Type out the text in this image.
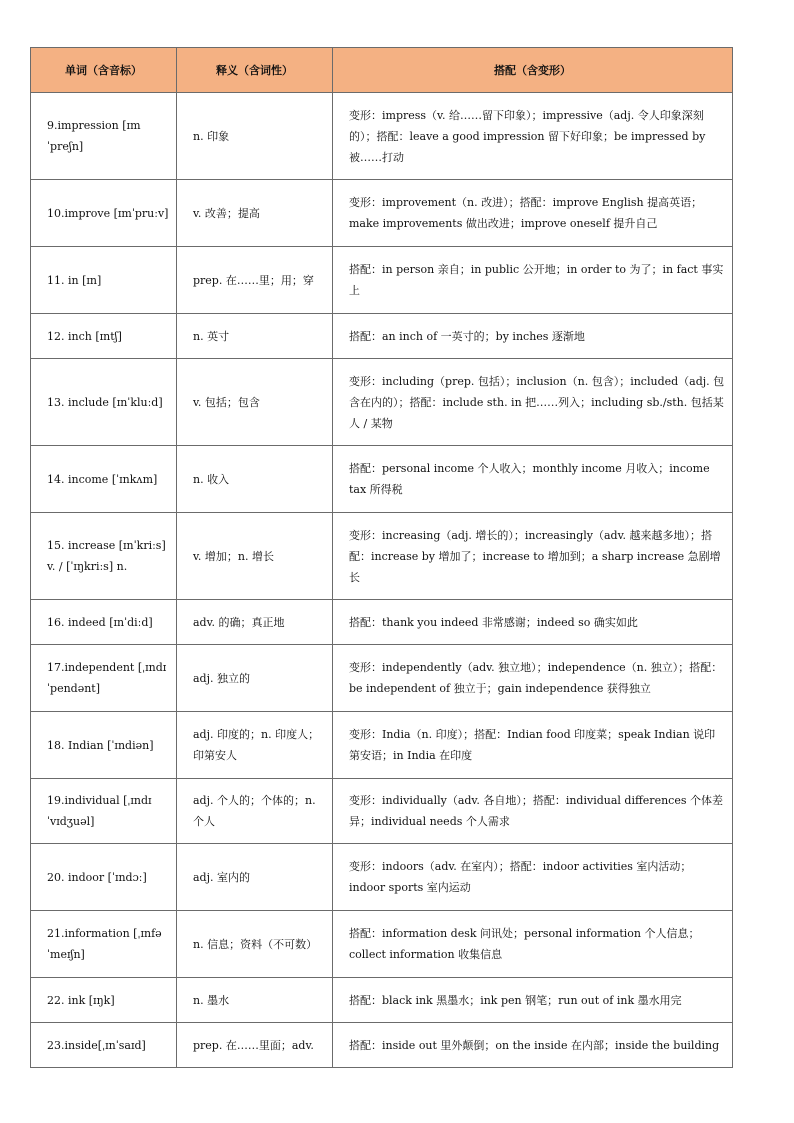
单词（含音标）	释义（含词性）	搭配（含变形）
9.impression [ɪmˈpreʃn]	n. 印象	变形：impress（v. 给……留下印象）；impressive（adj. 令人印象深刻的）；搭配：leave a good impression 留下好印象；be impressed by 被……打动
10.improve [ɪmˈpruːv]	v. 改善；提高	变形：improvement（n. 改进）；搭配：improve English 提高英语；make improvements 做出改进；improve oneself 提升自己
11. in [ɪn]	prep. 在……里；用；穿	搭配：in person 亲自；in public 公开地；in order to 为了；in fact 事实上
12. inch [ɪntʃ]	n. 英寸	搭配：an inch of 一英寸的；by inches 逐渐地
13. include [ɪnˈkluːd]	v. 包括；包含	变形：including（prep. 包括）；inclusion（n. 包含）；included（adj. 包含在内的）；搭配：include sth. in 把……列入；including sb./sth. 包括某人 / 某物
14. income [ˈɪnkʌm]	n. 收入	搭配：personal income 个人收入；monthly income 月收入；income tax 所得税
15. increase [ɪnˈkriːs] v. / [ˈɪŋkriːs] n.	v. 增加；n. 增长	变形：increasing（adj. 增长的）；increasingly（adv. 越来越多地）；搭配：increase by 增加了；increase to 增加到；a sharp increase 急剧增长
16. indeed [ɪnˈdiːd]	adv. 的确；真正地	搭配：thank you indeed 非常感谢；indeed so 确实如此
17.independent [ˌɪndɪˈpendənt]	adj. 独立的	变形：independently（adv. 独立地）；independence（n. 独立）；搭配：be independent of 独立于；gain independence 获得独立
18. Indian [ˈɪndiən]	adj. 印度的；n. 印度人；印第安人	变形：India（n. 印度）；搭配：Indian food 印度菜；speak Indian 说印第安语；in India 在印度
19.individual [ˌɪndɪˈvɪdʒuəl]	adj. 个人的；个体的；n. 个人	变形：individually（adv. 各自地）；搭配：individual differences 个体差异；individual needs 个人需求
20. indoor [ˈɪndɔː]	adj. 室内的	变形：indoors（adv. 在室内）；搭配：indoor activities 室内活动；indoor sports 室内运动
21.information [ˌɪnfəˈmeɪʃn]	n. 信息；资料（不可数）	搭配：information desk 问讯处；personal information 个人信息；collect information 收集信息
22. ink [ɪŋk]	n. 墨水	搭配：black ink 黑墨水；ink pen 钢笔；run out of ink 墨水用完
23.inside[ˌɪnˈsaɪd]	prep. 在……里面；adv.	搭配：inside out 里外颠倒；on the inside 在内部；inside the building
